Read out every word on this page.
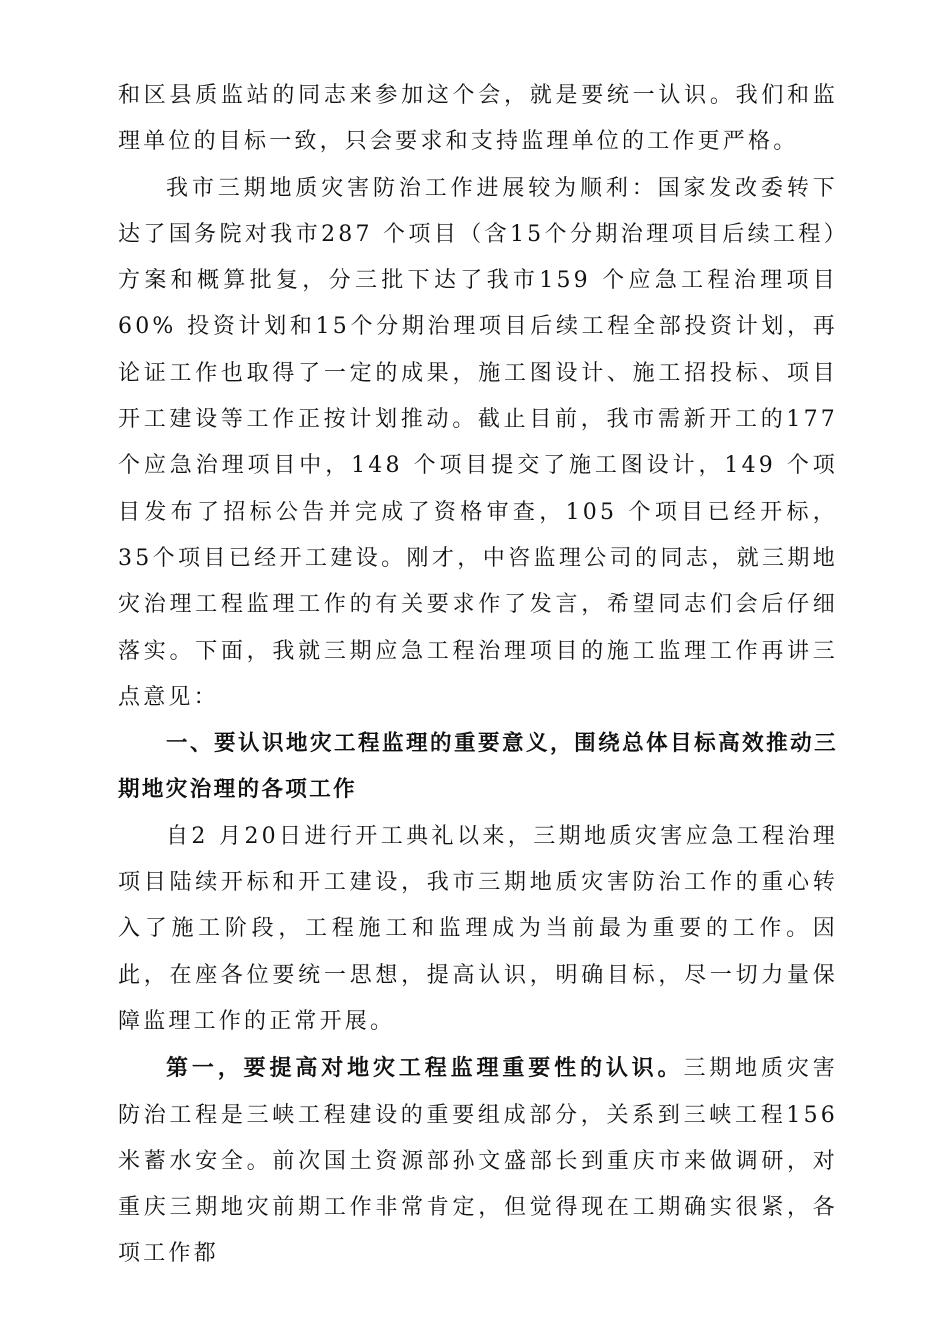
和区县质监站的同志来参加这个会，就是要统一认识。我们和监理单位的目标一致，只会要求和支持监理单位的工作更严格。

我市三期地质灾害防治工作进展较为顺利：国家发改委转下达了国务院对我市287 个项目（含15个分期治理项目后续工程）方案和概算批复，分三批下达了我市159 个应急工程治理项目60% 投资计划和15个分期治理项目后续工程全部投资计划，再论证工作也取得了一定的成果，施工图设计、施工招投标、项目开工建设等工作正按计划推动。截止目前，我市需新开工的177 个应急治理项目中，148 个项目提交了施工图设计，149 个项目发布了招标公告并完成了资格审查，105 个项目已经开标，35个项目已经开工建设。刚才，中咨监理公司的同志，就三期地灾治理工程监理工作的有关要求作了发言，希望同志们会后仔细落实。下面，我就三期应急工程治理项目的施工监理工作再讲三点意见：

一、要认识地灾工程监理的重要意义，围绕总体目标高效推动三期地灾治理的各项工作

自2 月20日进行开工典礼以来，三期地质灾害应急工程治理项目陆续开标和开工建设，我市三期地质灾害防治工作的重心转入了施工阶段，工程施工和监理成为当前最为重要的工作。因此，在座各位要统一思想，提高认识，明确目标，尽一切力量保障监理工作的正常开展。

第一，要提高对地灾工程监理重要性的认识。三期地质灾害防治工程是三峡工程建设的重要组成部分，关系到三峡工程156 米蓄水安全。前次国土资源部孙文盛部长到重庆市来做调研，对重庆三期地灾前期工作非常肯定，但觉得现在工期确实很紧，各项工作都
